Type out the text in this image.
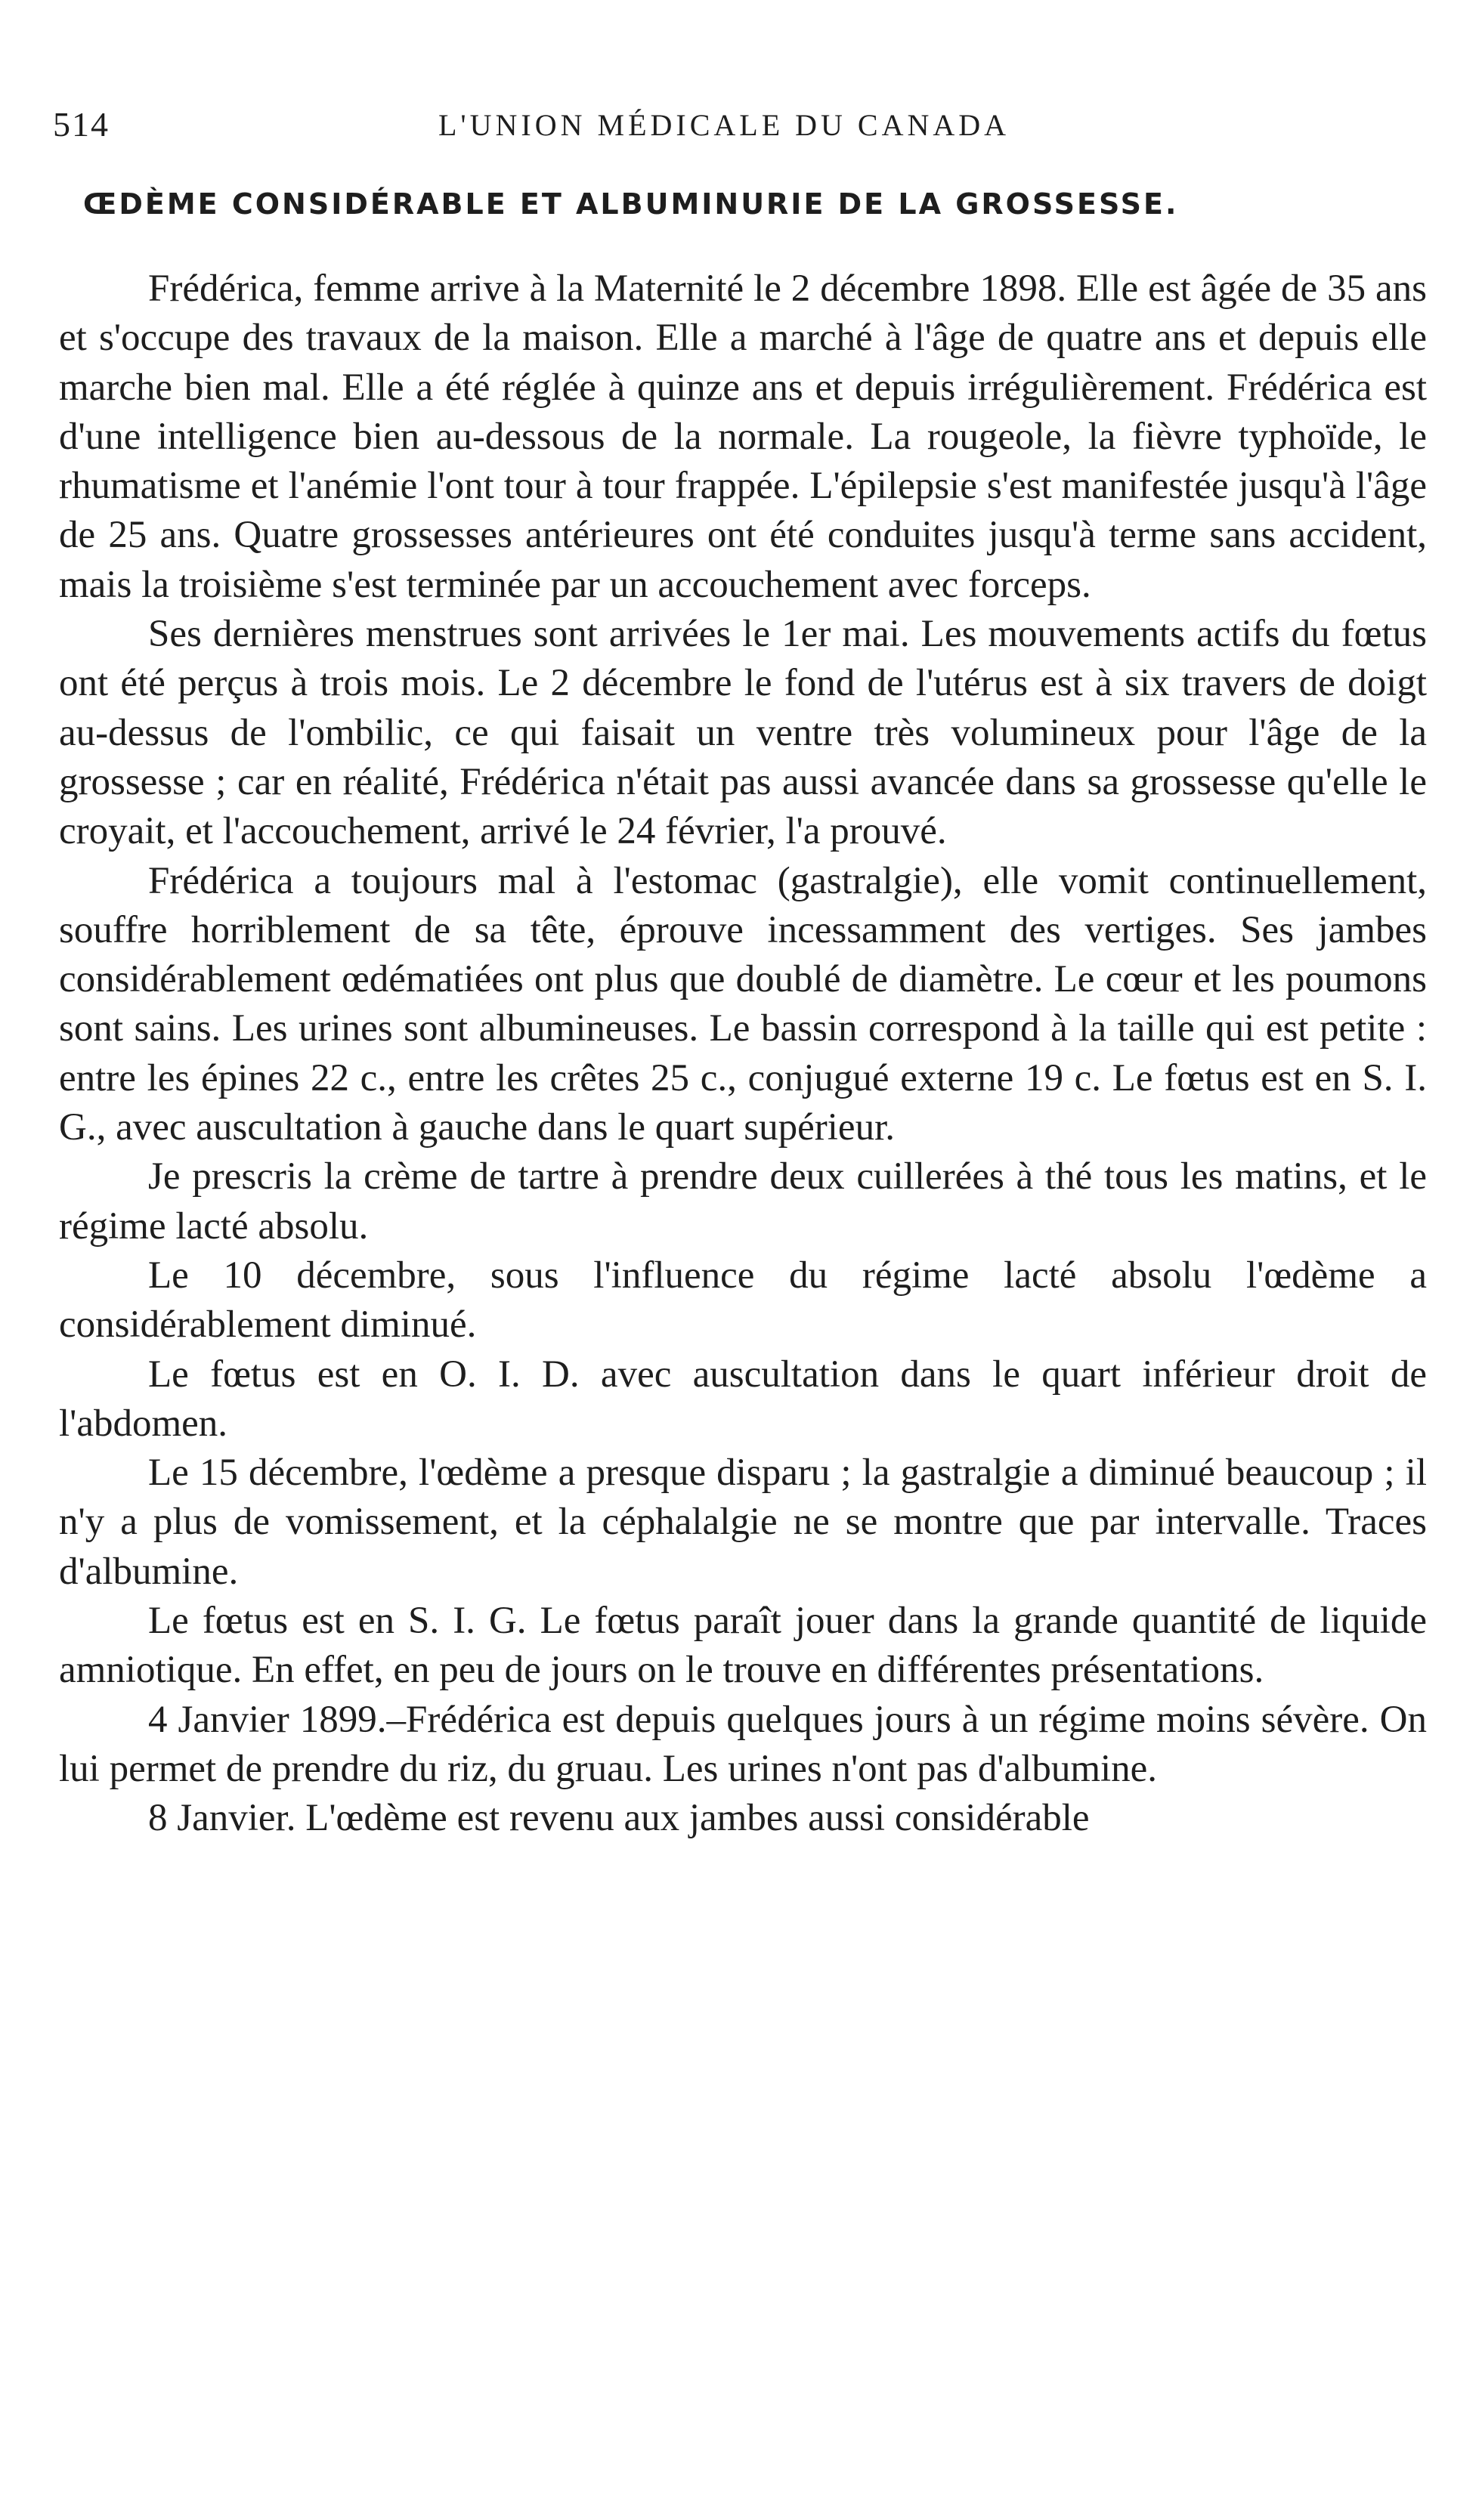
514	L'UNION MÉDICALE DU CANADA
ŒDÈME CONSIDÉRABLE ET ALBUMINURIE DE LA GROSSESSE.

Frédérica, femme arrive à la Maternité le 2 décembre 1898. Elle est âgée de 35 ans et s'occupe des travaux de la maison. Elle a marché à l'âge de quatre ans et depuis elle marche bien mal. Elle a été réglée à quinze ans et depuis irrégulièrement. Frédérica est d'une intelligence bien au-dessous de la normale. La rougeole, la fièvre typhoïde, le rhumatisme et l'anémie l'ont tour à tour frappée. L'épilepsie s'est manifestée jusqu'à l'âge de 25 ans. Quatre grossesses antérieures ont été conduites jusqu'à terme sans accident, mais la troisième s'est terminée par un accouchement avec forceps.

Ses dernières menstrues sont arrivées le 1er mai. Les mouvements actifs du fœtus ont été perçus à trois mois. Le 2 décembre le fond de l'utérus est à six travers de doigt au-dessus de l'ombilic, ce qui faisait un ventre très volumineux pour l'âge de la grossesse ; car en réalité, Frédérica n'était pas aussi avancée dans sa grossesse qu'elle le croyait, et l'accouchement, arrivé le 24 février, l'a prouvé.

Frédérica a toujours mal à l'estomac (gastralgie), elle vomit continuellement, souffre horriblement de sa tête, éprouve incessamment des vertiges. Ses jambes considérablement œdématiées ont plus que doublé de diamètre. Le cœur et les poumons sont sains. Les urines sont albumineuses. Le bassin correspond à la taille qui est petite : entre les épines 22 c., entre les crêtes 25 c., conjugué externe 19 c. Le fœtus est en S. I. G., avec auscultation à gauche dans le quart supérieur.

Je prescris la crème de tartre à prendre deux cuillerées à thé tous les matins, et le régime lacté absolu.

Le 10 décembre, sous l'influence du régime lacté absolu l'œdème a considérablement diminué.

Le fœtus est en O. I. D. avec auscultation dans le quart inférieur droit de l'abdomen.

Le 15 décembre, l'œdème a presque disparu ; la gastralgie a diminué beaucoup ; il n'y a plus de vomissement, et la céphalalgie ne se montre que par intervalle. Traces d'albumine.

Le fœtus est en S. I. G. Le fœtus paraît jouer dans la grande quantité de liquide amniotique. En effet, en peu de jours on le trouve en différentes présentations.

4 Janvier 1899.–Frédérica est depuis quelques jours à un régime moins sévère. On lui permet de prendre du riz, du gruau. Les urines n'ont pas d'albumine.

8 Janvier. L'œdème est revenu aux jambes aussi considérable
